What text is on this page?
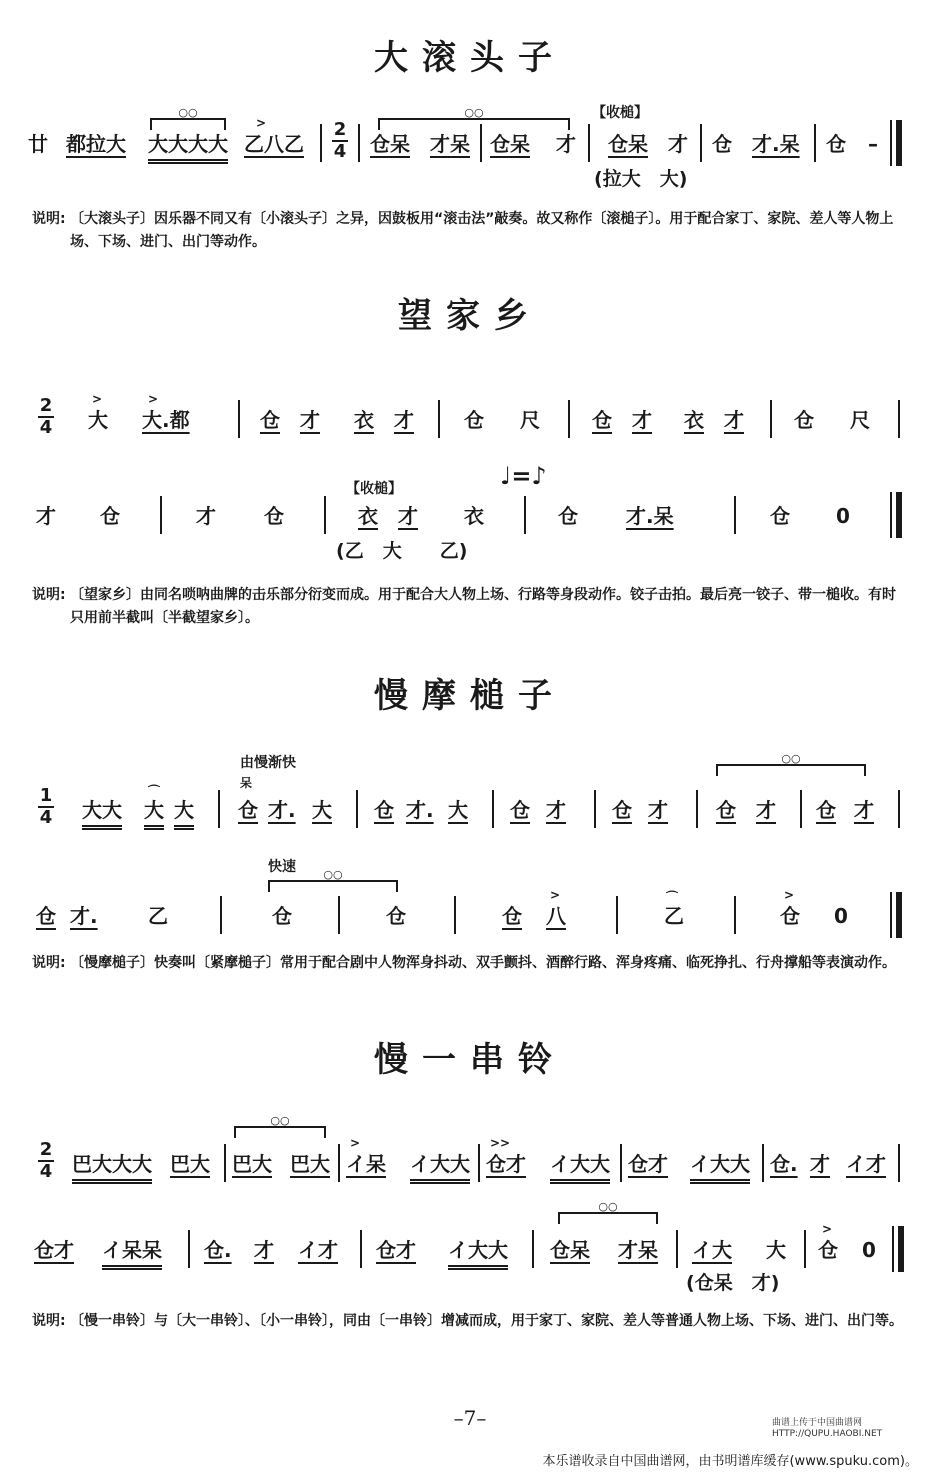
大滚头子
【收槌】
○○	○○
廿 都拉大 大大大大
>
乙八乙 $\frac{2}{4}$ 仓呆 才呆 仓呆 才 仓呆 才 仓 才.呆 仓 –
(拉大　大)
说明: 〔大滚头子〕因乐器不同又有〔小滚头子〕之异，因鼓板用“滚击法”敲奏。故又称作〔滚槌子〕。用于配合家丁、家院、差人等人物上场、下场、进门、出门等动作。
望家乡
$\frac{2}{4}$	>
大
>
大.都	仓 才 衣 才	仓 尺	仓 才 衣 才	仓 尺
【收槌】	♩=♪
才 仓	才 仓	衣 才 衣	仓 才.呆	仓 0
(乙　大　　乙)
说明: 〔望家乡〕由同名唢呐曲牌的击乐部分衍变而成。用于配合大人物上场、行路等身段动作。铰子击拍。最后亮一铰子、带一槌收。有时只用前半截叫〔半截望家乡〕。
慢摩槌子
由慢渐快	○○
$\frac{1}{4}$ 大大
⌒
大 大
呆
仓 才. 大 仓 才. 大 仓 才 仓 才 仓 才 仓 才
快速 ○○
仓 才.	乙	仓	仓	仓
>
八
⌒
乙
>
仓 0
说明: 〔慢摩槌子〕快奏叫〔紧摩槌子〕常用于配合剧中人物浑身抖动、双手颤抖、酒醉行路、浑身疼痛、临死挣扎、行舟撑船等表演动作。
慢一串铃
○○
$\frac{2}{4}$ 巴大大大 巴大 巴大 巴大
>
イ呆 イ大大
>>
仓才 イ大大 仓才 イ大大 仓. 才 イ才
○○
仓才 イ呆呆 仓. 才 イ才 仓才 イ大大 仓呆 才呆 イ大 大
>
仓 0
(仓呆　才)
说明: 〔慢一串铃〕与〔大一串铃〕、〔小一串铃〕，同由〔一串铃〕增减而成，用于家丁、家院、差人等普通人物上场、下场、进门、出门等。
–7–	曲谱上传于中国曲谱网 HTTP://QUPU.HAOBI.NET
本乐谱收录自中国曲谱网，由书明谱库缓存(www.spuku.com)。
